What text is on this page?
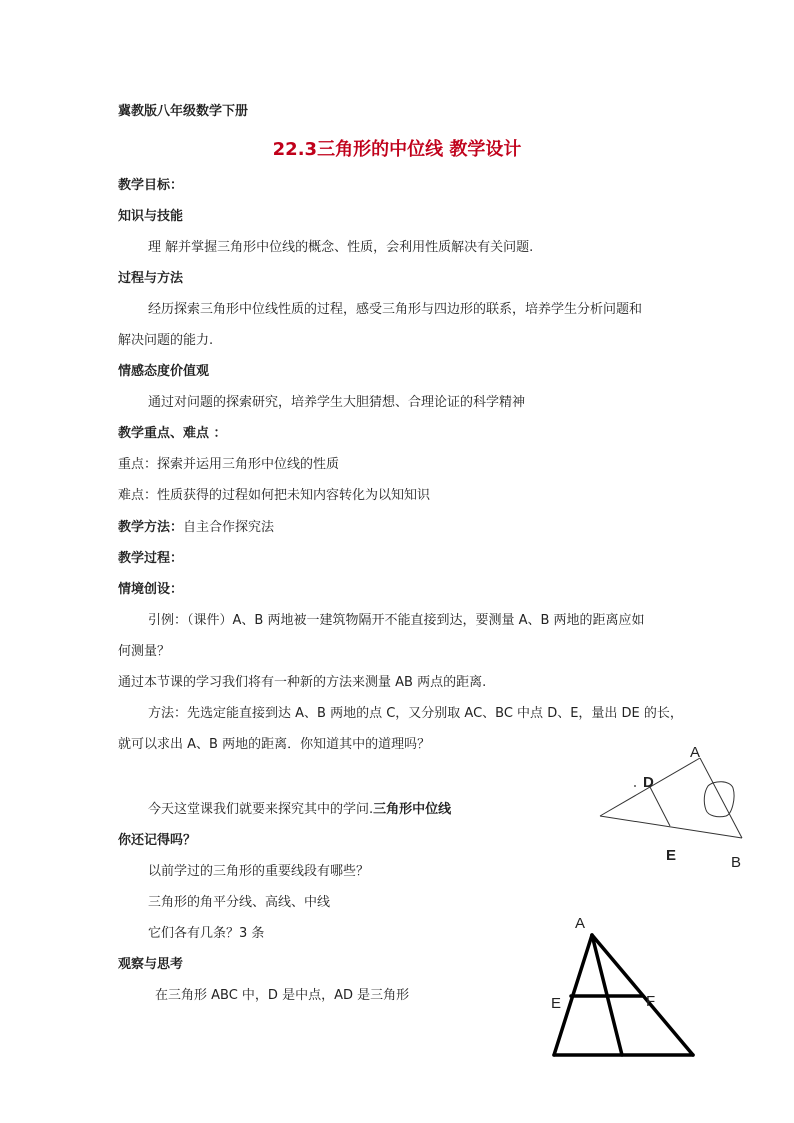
冀教版八年级数学下册
22.3三角形的中位线 教学设计
教学目标：
知识与技能
理 解并掌握三角形中位线的概念、性质，会利用性质解决有关问题.
过程与方法
经历探索三角形中位线性质的过程，感受三角形与四边形的联系，培养学生分析问题和
解决问题的能力.
情感态度价值观
通过对问题的探索研究，培养学生大胆猜想、合理论证的科学精神
教学重点、难点 ：
重点：探索并运用三角形中位线的性质
难点：性质获得的过程如何把未知内容转化为以知知识
教学方法：自主合作探究法
教学过程：
情境创设：
引例：（课件）A、B 两地被一建筑物隔开不能直接到达，要测量 A、B 两地的距离应如
何测量？
通过本节课的学习我们将有一种新的方法来测量 AB 两点的距离.
方法：先选定能直接到达 A、B 两地的点 C，又分别取 AC、BC 中点 D、E，量出 DE 的长，
就可以求出 A、B 两地的距离．你知道其中的道理吗？
今天这堂课我们就要来探究其中的学问.三角形中位线
你还记得吗？
以前学过的三角形的重要线段有哪些？
三角形的角平分线、高线、中线
它们各有几条？3 条
观察与思考
在三角形 ABC 中，D 是中点，AD 是三角形
A
D
E	B
A
E	F
